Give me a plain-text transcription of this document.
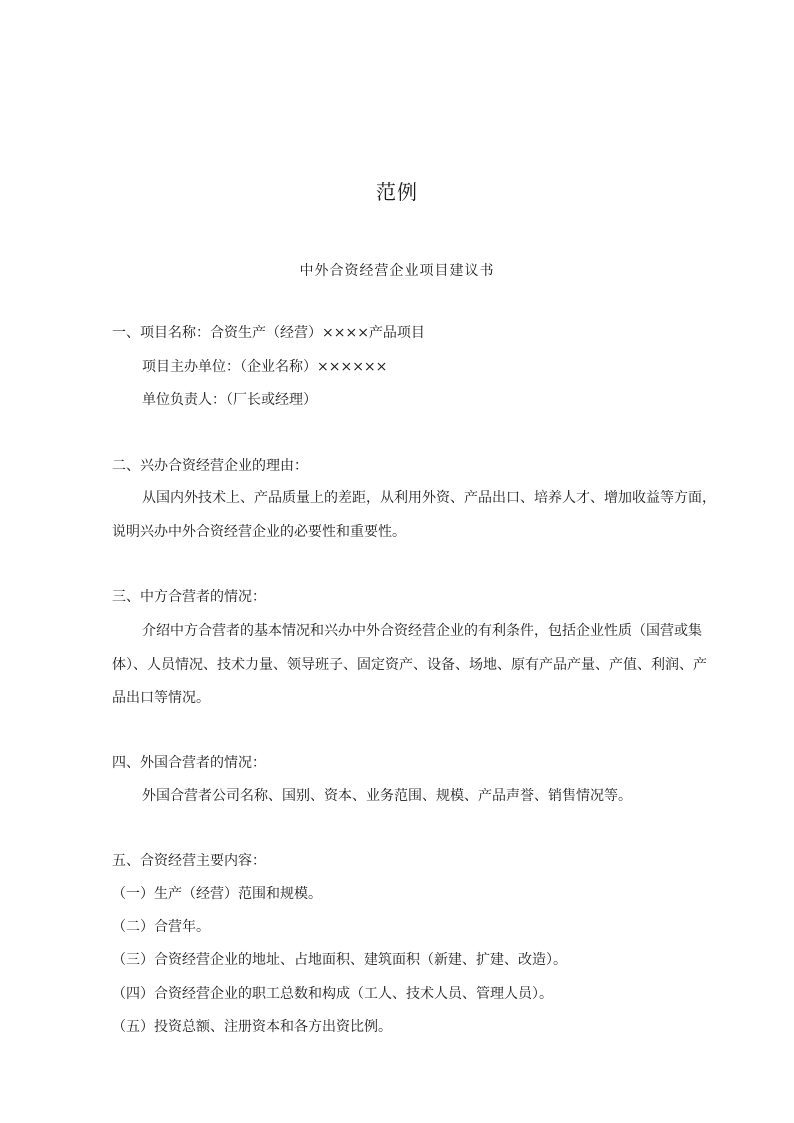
范例
中外合资经营企业项目建议书
一、项目名称：合资生产（经营）××××产品项目
项目主办单位：（企业名称）××××××
单位负责人：（厂长或经理）
二、兴办合资经营企业的理由：
从国内外技术上、产品质量上的差距，从利用外资、产品出口、培养人才、增加收益等方面，
说明兴办中外合资经营企业的必要性和重要性。
三、中方合营者的情况：
介绍中方合营者的基本情况和兴办中外合资经营企业的有利条件，包括企业性质（国营或集
体）、人员情况、技术力量、领导班子、固定资产、设备、场地、原有产品产量、产值、利润、产
品出口等情况。
四、外国合营者的情况：
外国合营者公司名称、国别、资本、业务范围、规模、产品声誉、销售情况等。
五、合资经营主要内容：
（一）生产（经营）范围和规模。
（二）合营年。
（三）合资经营企业的地址、占地面积、建筑面积（新建、扩建、改造）。
（四）合资经营企业的职工总数和构成（工人、技术人员、管理人员）。
（五）投资总额、注册资本和各方出资比例。
